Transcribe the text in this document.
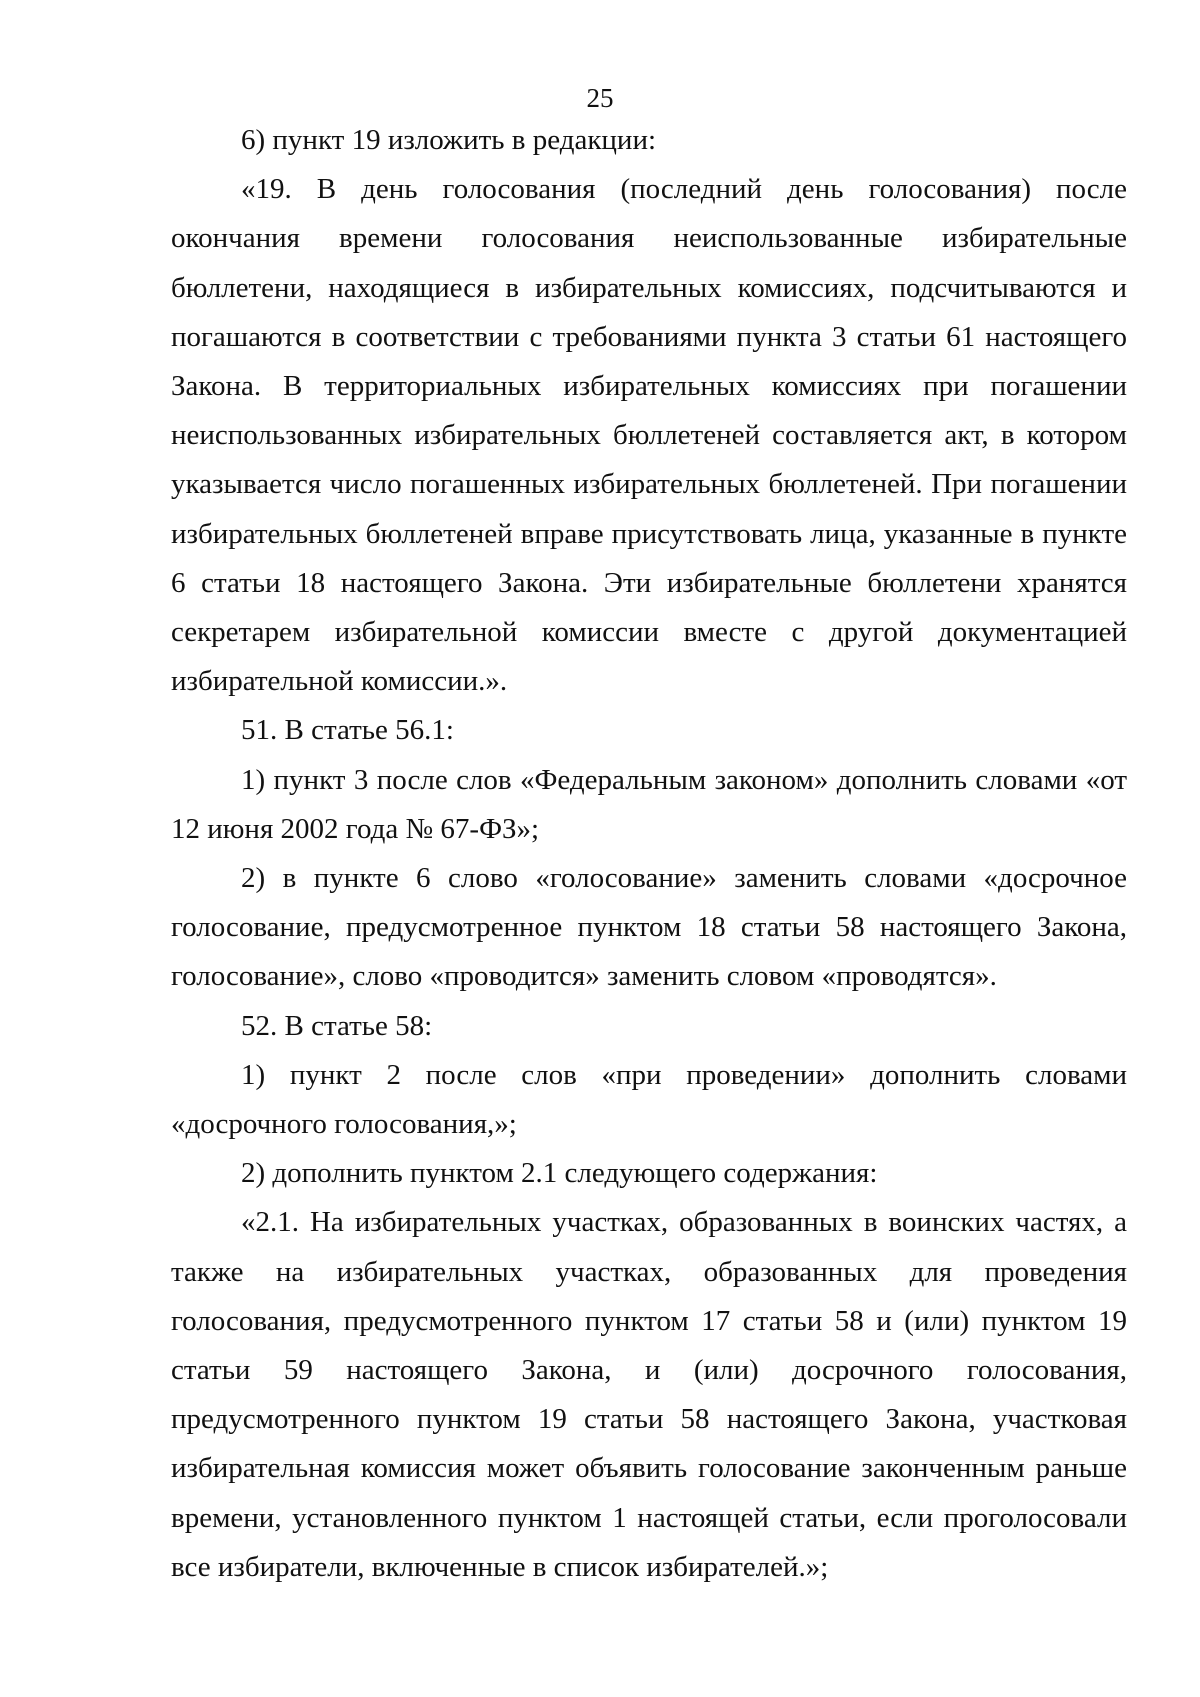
25

6) пункт 19 изложить в редакции:

«19. В день голосования (последний день голосования) после окончания времени голосования неиспользованные избирательные бюллетени, находящиеся в избирательных комиссиях, подсчитываются и погашаются в соответствии с требованиями пункта 3 статьи 61 настоящего Закона. В территориальных избирательных комиссиях при погашении неиспользованных избирательных бюллетеней составляется акт, в котором указывается число погашенных избирательных бюллетеней. При погашении избирательных бюллетеней вправе присутствовать лица, указанные в пункте 6 статьи 18 настоящего Закона. Эти избирательные бюллетени хранятся секретарем избирательной комиссии вместе с другой документацией избирательной комиссии.».

51. В статье 56.1:

1) пункт 3 после слов «Федеральным законом» дополнить словами «от 12 июня 2002 года № 67-ФЗ»;

2) в пункте 6 слово «голосование» заменить словами «досрочное голосование, предусмотренное пунктом 18 статьи 58 настоящего Закона, голосование», слово «проводится» заменить словом «проводятся».

52. В статье 58:

1) пункт 2 после слов «при проведении» дополнить словами «досрочного голосования,»;

2) дополнить пунктом 2.1 следующего содержания:

«2.1. На избирательных участках, образованных в воинских частях, а также на избирательных участках, образованных для проведения голосования, предусмотренного пунктом 17 статьи 58 и (или) пунктом 19 статьи 59 настоящего Закона, и (или) досрочного голосования, предусмотренного пунктом 19 статьи 58 настоящего Закона, участковая избирательная комиссия может объявить голосование законченным раньше времени, установленного пунктом 1 настоящей статьи, если проголосовали все избиратели, включенные в список избирателей.»;
